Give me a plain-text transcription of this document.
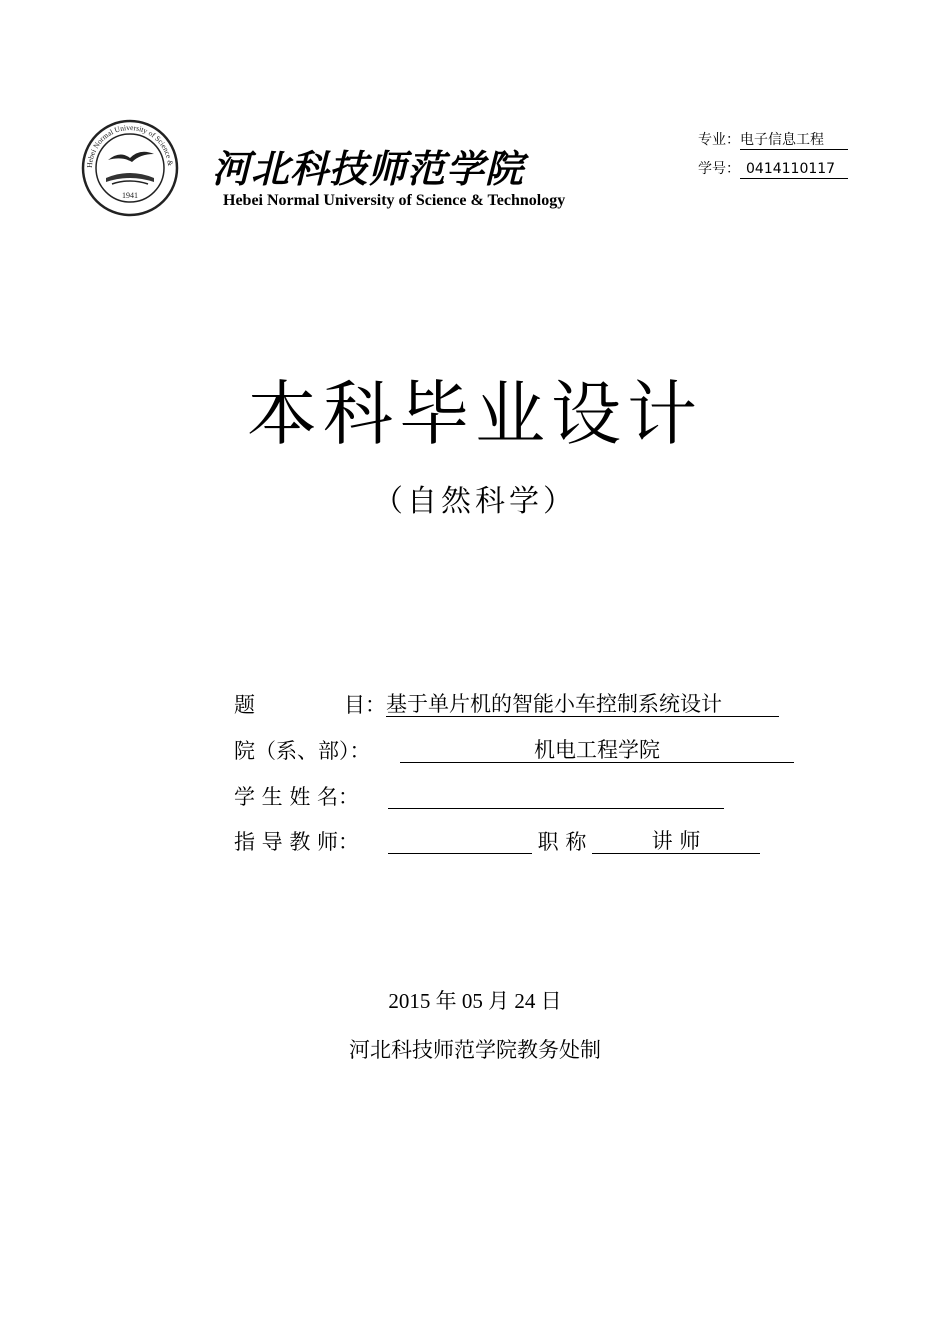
Hebei Normal University of Science &
1941
河北科技师范学院
Hebei Normal University of Science & Technology
专业：电子信息工程
学号： 0414110117
本科毕业设计
（自然科学）
题	目：基于单片机的智能小车控制系统设计
院（系、部）：	机电工程学院
学 生 姓 名：
指 导 教 师：	职 称	讲 师
2015 年 05 月 24 日
河北科技师范学院教务处制
